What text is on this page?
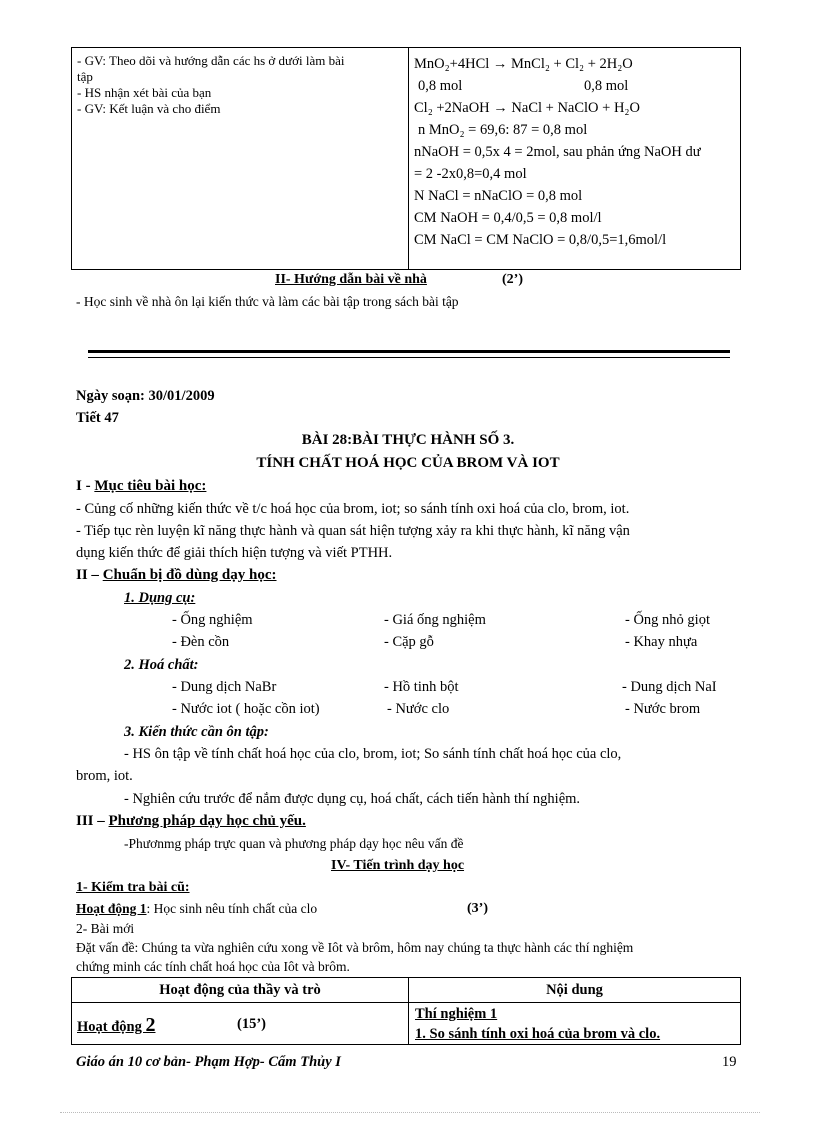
- GV: Theo dõi và hướng dẫn các hs ở dưới làm bài
tập
- HS nhận xét bài của bạn
- GV: Kết luận và cho điểm
MnO₂+4HCl → MnCl₂ + Cl₂ + 2H₂O
0,8 mol	0,8 mol
Cl₂ +2NaOH → NaCl + NaClO + H₂O
n MnO₂ = 69,6: 87 = 0,8 mol
nNaOH = 0,5x 4 = 2mol, sau phản ứng NaOH dư
= 2 -2x0,8=0,4 mol
N NaCl = nNaClO = 0,8 mol
CM NaOH = 0,4/0,5 = 0,8 mol/l
CM NaCl = CM NaClO = 0,8/0,5=1,6mol/l
II- Hướng dẫn bài về nhà	(2’)
- Học sinh về nhà ôn lại kiến thức và làm các bài tập trong sách bài tập
Ngày soạn: 30/01/2009
Tiết 47
BÀI 28:BÀI THỰC HÀNH SỐ 3.
TÍNH CHẤT HOÁ HỌC CỦA BROM VÀ IOT
I - Mục tiêu bài học:
- Củng cố những kiến thức về t/c hoá học của brom, iot; so sánh tính oxi hoá của clo, brom, iot.
- Tiếp tục rèn luyện kĩ năng thực hành và quan sát hiện tượng xảy ra khi thực hành, kĩ năng vận
dụng kiến thức để giải thích hiện tượng và viết PTHH.
II – Chuẩn bị đồ dùng dạy học:
1. Dụng cụ:
- Ống nghiệm	- Giá ống nghiệm	- Ống nhỏ giọt
- Đèn cồn	- Cặp gỗ	- Khay nhựa
2. Hoá chất:
- Dung dịch NaBr	- Hồ tinh bột	- Dung dịch NaI
- Nước iot ( hoặc cồn iot)	- Nước clo	- Nước brom
3. Kiến thức cần ôn tập:
- HS ôn tập về tính chất hoá học của clo, brom, iot; So sánh tính chất hoá học của clo,
brom, iot.
- Nghiên cứu trước để nắm được dụng cụ, hoá chất, cách tiến hành thí nghiệm.
III – Phương pháp dạy học chủ yếu.
-Phươnmg pháp trực quan và phương pháp dạy học nêu vấn đề
IV- Tiến trình dạy học
1- Kiểm tra bài cũ:
Hoạt động 1: Học sinh nêu tính chất của clo	(3’)
2- Bài mới
Đặt vấn đề: Chúng ta vừa nghiên cứu xong về Iôt và brôm, hôm nay chúng ta thực hành các thí nghiệm
chứng minh các tính chất hoá học của Iôt và brôm.
Hoạt động của thầy và trò	Nội dung
Hoạt động 2	(15’)
Thí nghiệm 1
1. So sánh tính oxi hoá của brom và clo.
Giáo án 10 cơ bản- Phạm Hợp- Cẩm Thủy I	19
